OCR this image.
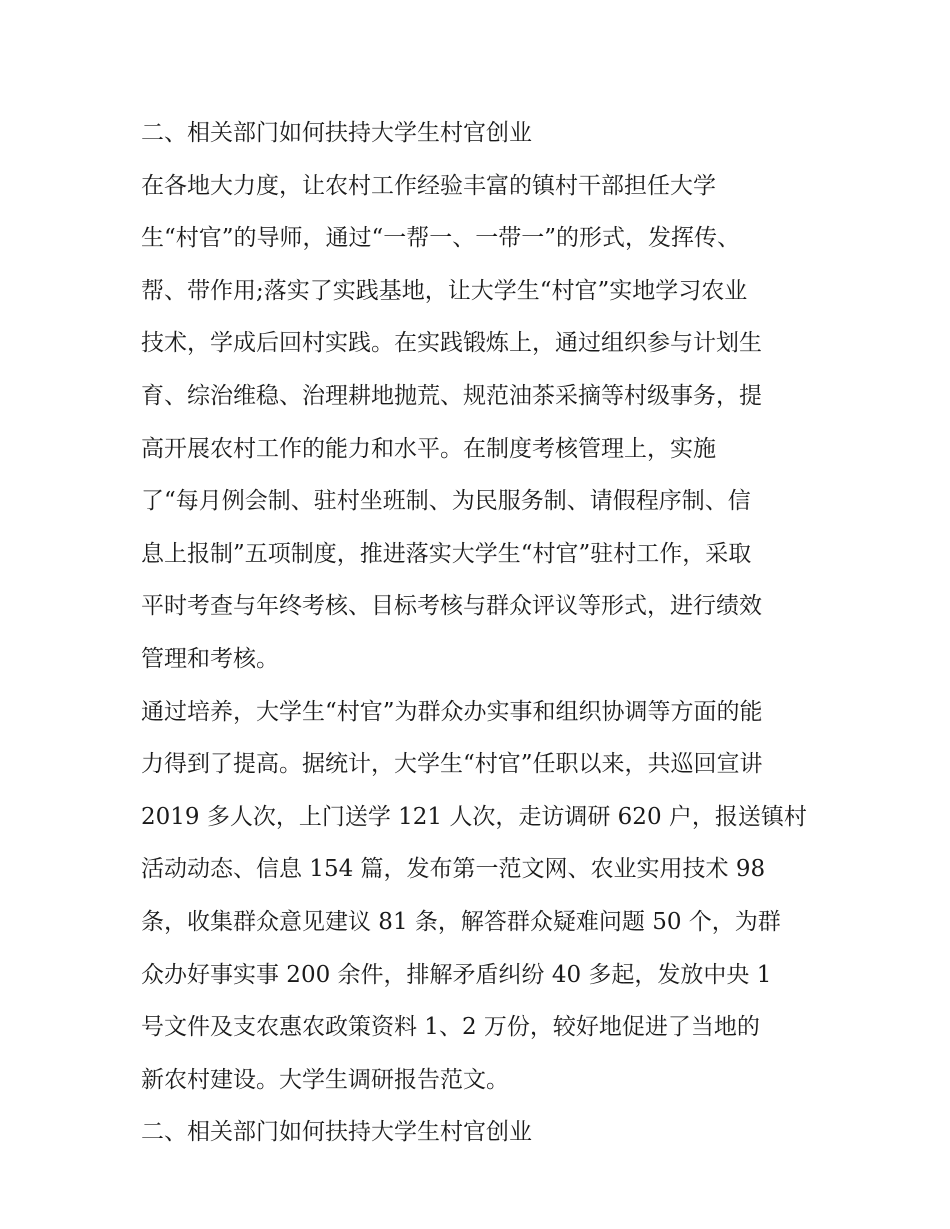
二、相关部门如何扶持大学生村官创业
在各地大力度，让农村工作经验丰富的镇村干部担任大学
生“村官”的导师，通过“一帮一、一带一”的形式，发挥传、
帮、带作用;落实了实践基地，让大学生“村官”实地学习农业
技术，学成后回村实践。在实践锻炼上，通过组织参与计划生
育、综治维稳、治理耕地抛荒、规范油茶采摘等村级事务，提
高开展农村工作的能力和水平。在制度考核管理上，实施
了“每月例会制、驻村坐班制、为民服务制、请假程序制、信
息上报制”五项制度，推进落实大学生“村官”驻村工作，采取
平时考查与年终考核、目标考核与群众评议等形式，进行绩效
管理和考核。
通过培养，大学生“村官”为群众办实事和组织协调等方面的能
力得到了提高。据统计，大学生“村官”任职以来，共巡回宣讲
2019 多人次，上门送学 121 人次，走访调研 620 户，报送镇村
活动动态、信息 154 篇，发布第一范文网、农业实用技术 98
条，收集群众意见建议 81 条，解答群众疑难问题 50 个，为群
众办好事实事 200 余件，排解矛盾纠纷 40 多起，发放中央 1
号文件及支农惠农政策资料 1、2 万份，较好地促进了当地的
新农村建设。大学生调研报告范文。
二、相关部门如何扶持大学生村官创业
